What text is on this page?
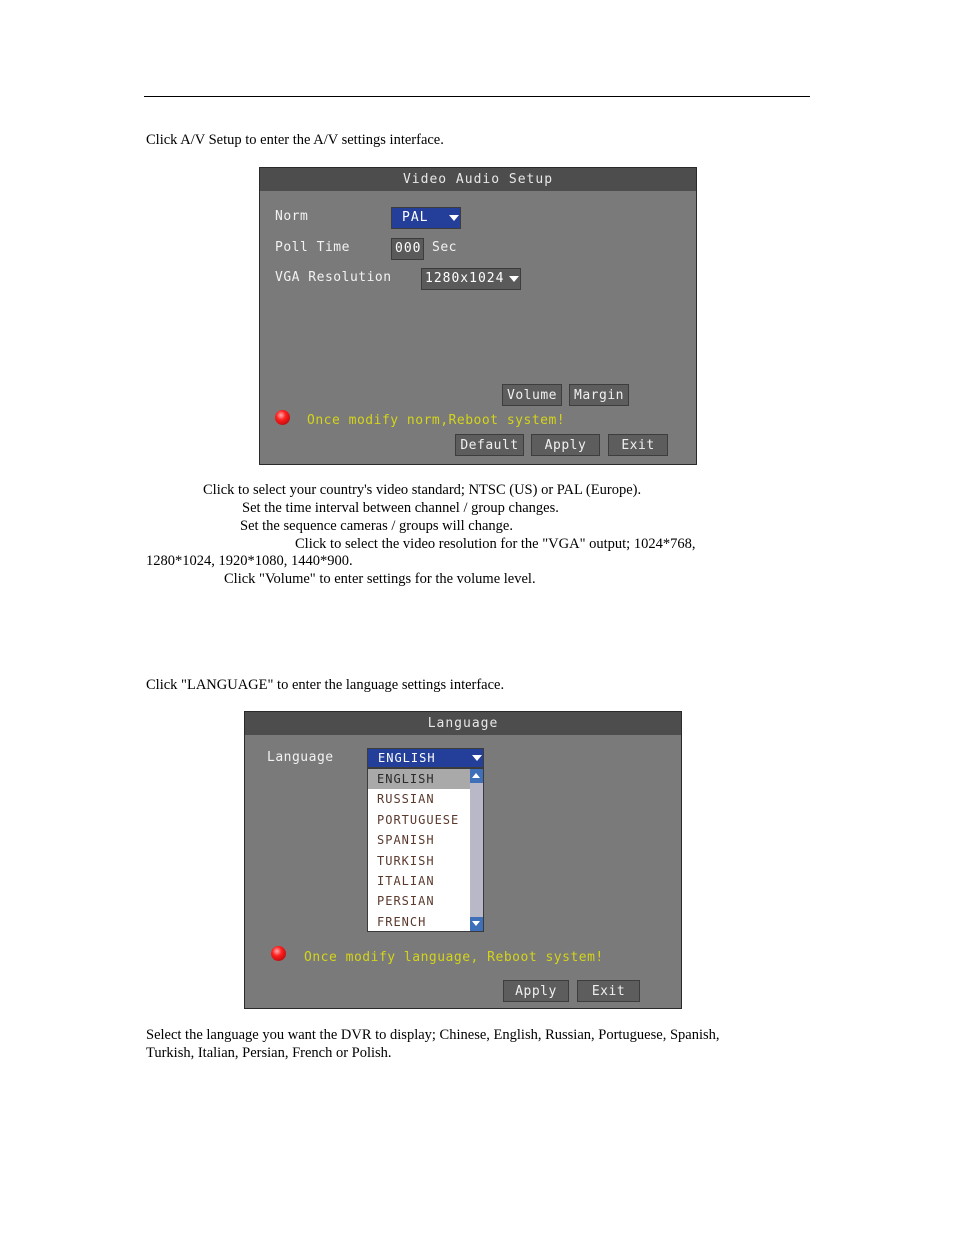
Click A/V Setup to enter the A/V settings interface.
Video Audio Setup
Norm	PAL
Poll Time	000 Sec
VGA Resolution	1280x1024
Volume	Margin
Once modify norm,Reboot system!
Default	Apply	Exit
Click to select your country's video standard; NTSC (US) or PAL (Europe).
Set the time interval between channel / group changes.
Set the sequence cameras / groups will change.
Click to select the video resolution for the "VGA" output; 1024*768,
1280*1024, 1920*1080, 1440*900.
Click "Volume" to enter settings for the volume level.
Click "LANGUAGE" to enter the language settings interface.
Language
Language	ENGLISH
ENGLISH
RUSSIAN
PORTUGUESE
SPANISH
TURKISH
ITALIAN
PERSIAN
FRENCH
Once modify language, Reboot system!
Apply	Exit
Select the language you want the DVR to display; Chinese, English, Russian, Portuguese, Spanish,
Turkish, Italian, Persian, French or Polish.
